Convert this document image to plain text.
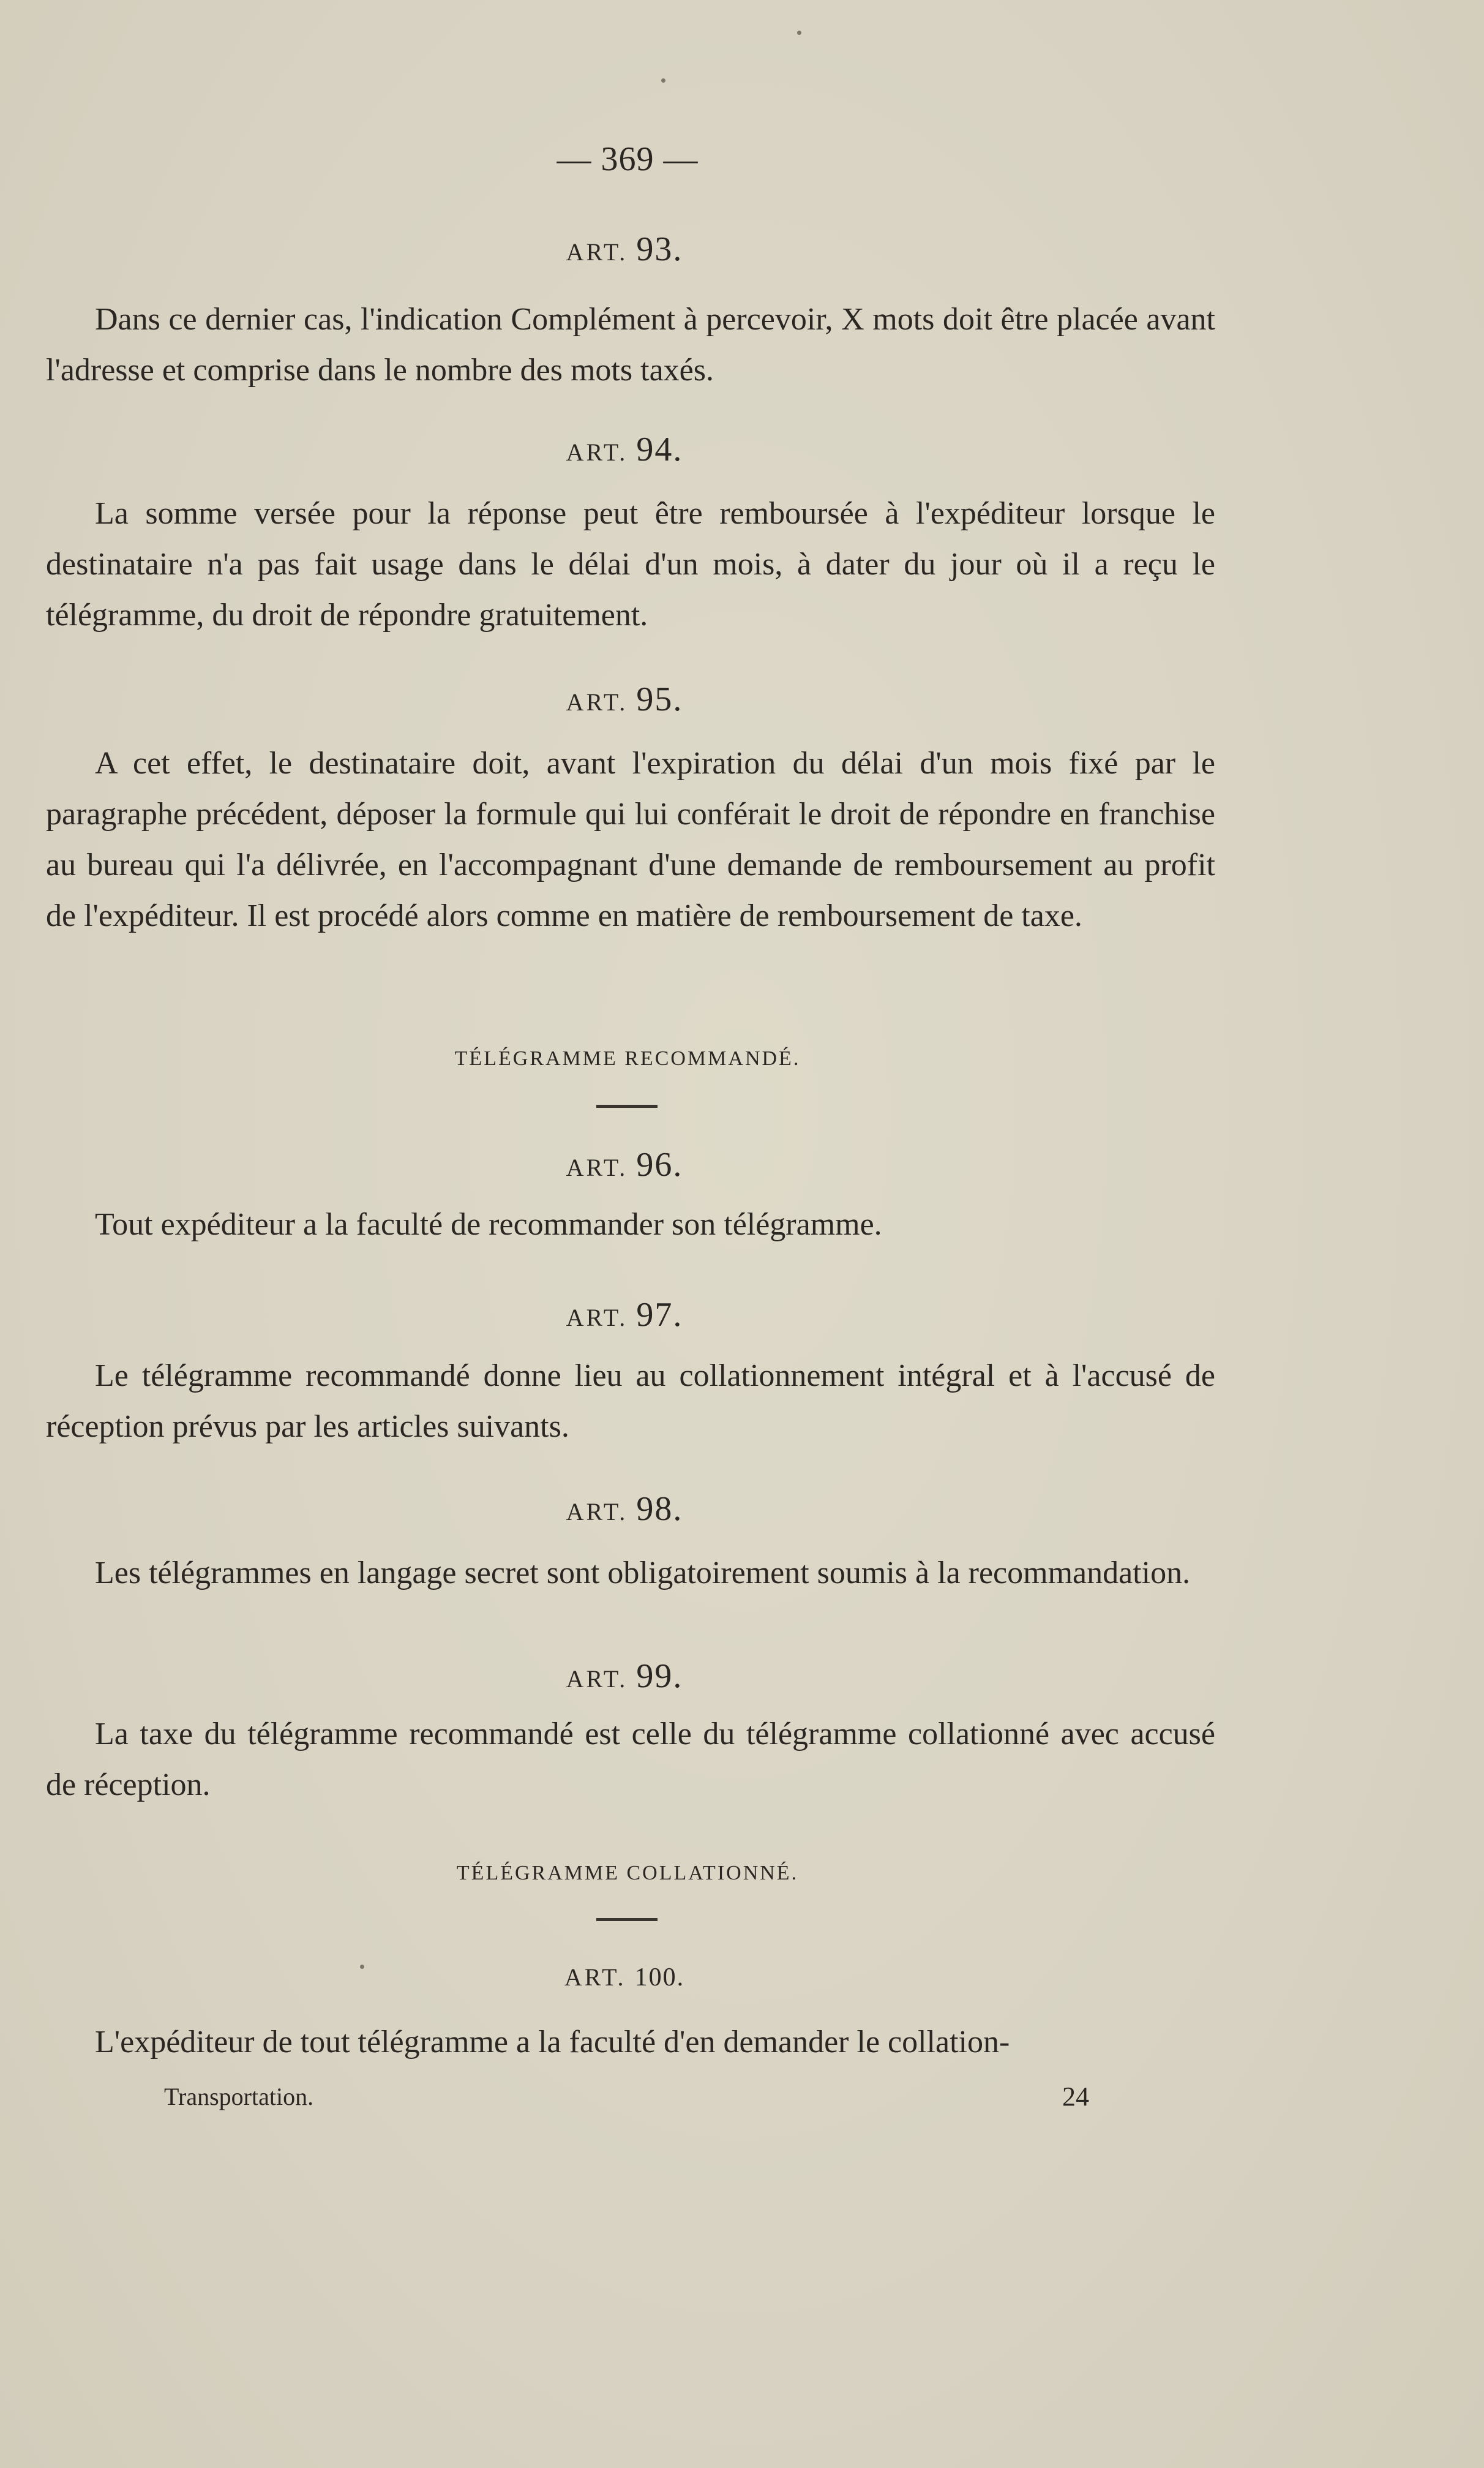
— 369 —
ART. 93.
Dans ce dernier cas, l'indication Complément à percevoir, X mots doit être placée avant l'adresse et comprise dans le nombre des mots taxés.
ART. 94.
La somme versée pour la réponse peut être remboursée à l'expéditeur lorsque le destinataire n'a pas fait usage dans le délai d'un mois, à dater du jour où il a reçu le télégramme, du droit de répondre gratuitement.
ART. 95.
A cet effet, le destinataire doit, avant l'expiration du délai d'un mois fixé par le paragraphe précédent, déposer la formule qui lui conférait le droit de répondre en franchise au bureau qui l'a délivrée, en l'accompagnant d'une demande de remboursement au profit de l'expéditeur. Il est procédé alors comme en matière de remboursement de taxe.
TÉLÉGRAMME RECOMMANDÉ.
ART. 96.
Tout expéditeur a la faculté de recommander son télégramme.
ART. 97.
Le télégramme recommandé donne lieu au collationnement intégral et à l'accusé de réception prévus par les articles suivants.
ART. 98.
Les télégrammes en langage secret sont obligatoirement soumis à la recommandation.
ART. 99.
La taxe du télégramme recommandé est celle du télégramme collationné avec accusé de réception.
TÉLÉGRAMME COLLATIONNÉ.
ART. 100.
L'expéditeur de tout télégramme a la faculté d'en demander le collation-
Transportation.	24
